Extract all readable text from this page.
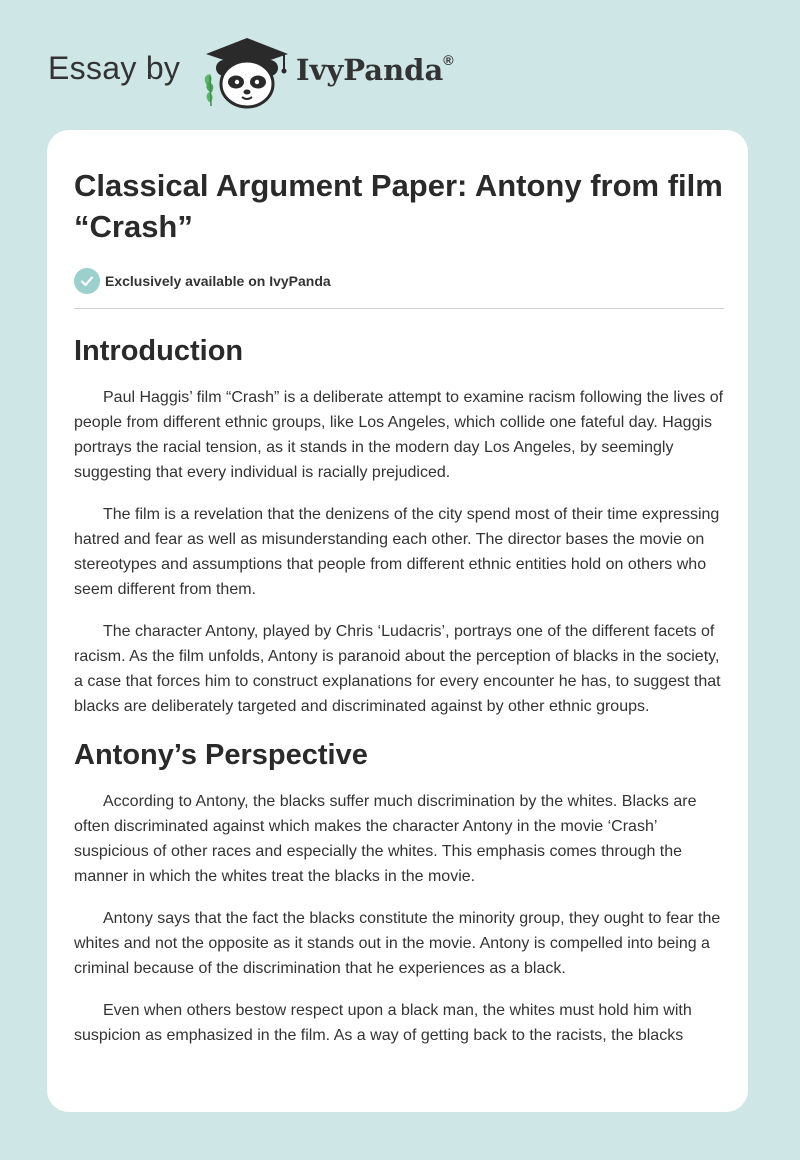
Essay by	IvyPanda®
Classical Argument Paper: Antony from film “Crash”
Exclusively available on IvyPanda
Introduction

Paul Haggis’ film “Crash” is a deliberate attempt to examine racism following the lives of people from different ethnic groups, like Los Angeles, which collide one fateful day. Haggis portrays the racial tension, as it stands in the modern day Los Angeles, by seemingly suggesting that every individual is racially prejudiced.

The film is a revelation that the denizens of the city spend most of their time expressing hatred and fear as well as misunderstanding each other. The director bases the movie on stereotypes and assumptions that people from different ethnic entities hold on others who seem different from them.

The character Antony, played by Chris ‘Ludacris’, portrays one of the different facets of racism. As the film unfolds, Antony is paranoid about the perception of blacks in the society, a case that forces him to construct explanations for every encounter he has, to suggest that blacks are deliberately targeted and discriminated against by other ethnic groups.

Antony’s Perspective

According to Antony, the blacks suffer much discrimination by the whites. Blacks are often discriminated against which makes the character Antony in the movie ‘Crash’ suspicious of other races and especially the whites. This emphasis comes through the manner in which the whites treat the blacks in the movie.

Antony says that the fact the blacks constitute the minority group, they ought to fear the whites and not the opposite as it stands out in the movie. Antony is compelled into being a criminal because of the discrimination that he experiences as a black.

Even when others bestow respect upon a black man, the whites must hold him with suspicion as emphasized in the film. As a way of getting back to the racists, the blacks
